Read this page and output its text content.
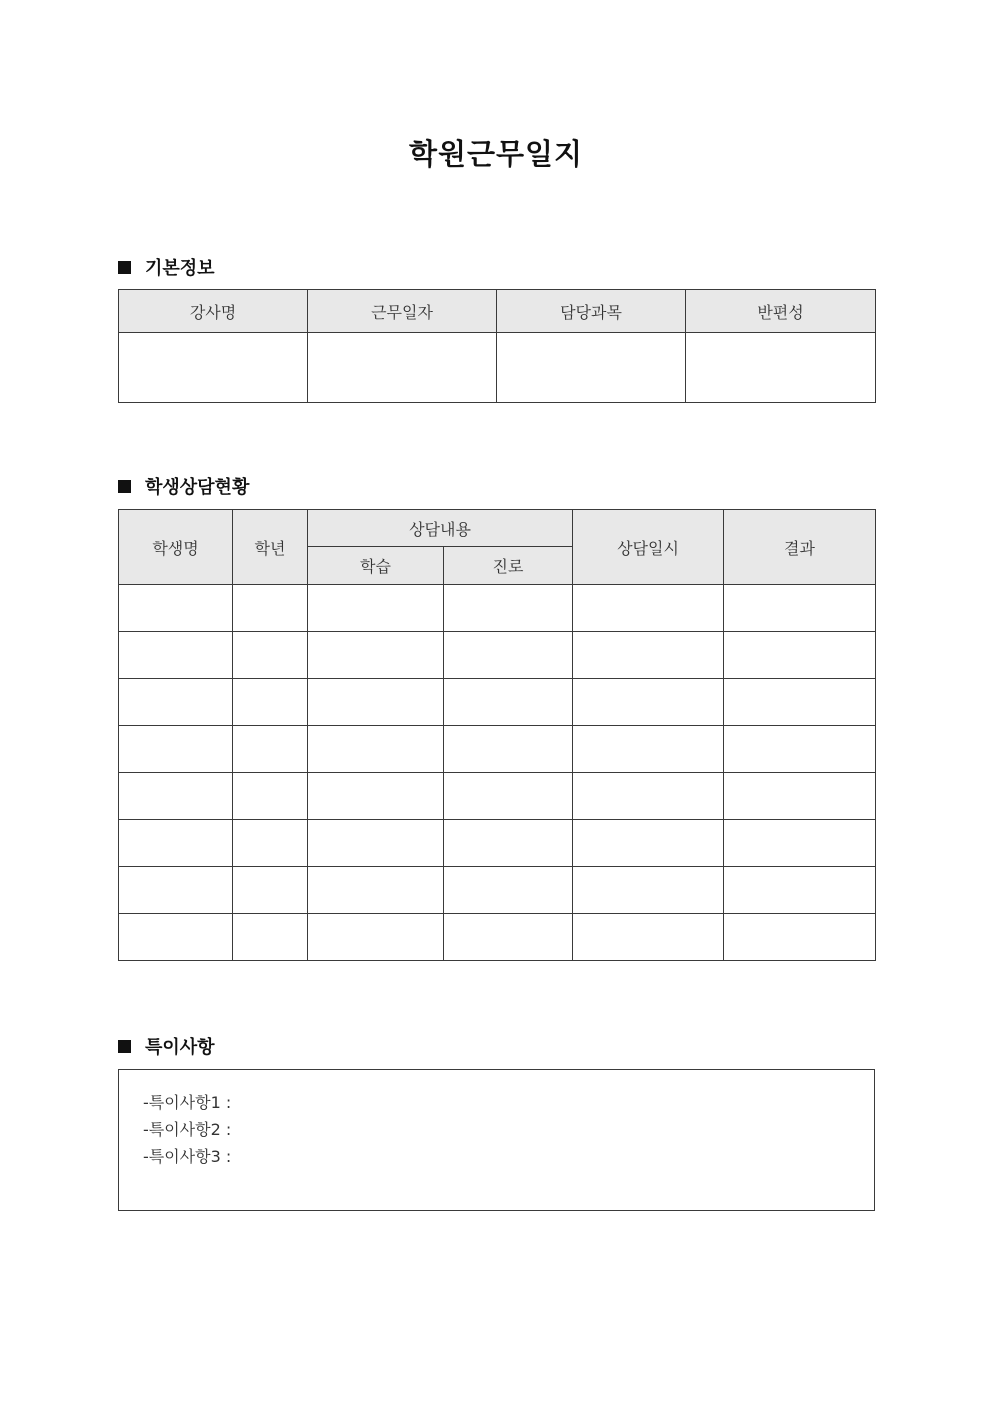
학원근무일지
기본정보
강사명	근무일자	담당과목	반편성

학생상담현황
학생명	학년	상담내용		상담일시	결과
		학습	진로		

특이사항
-특이사항1 :
-특이사항2 :
-특이사항3 :
